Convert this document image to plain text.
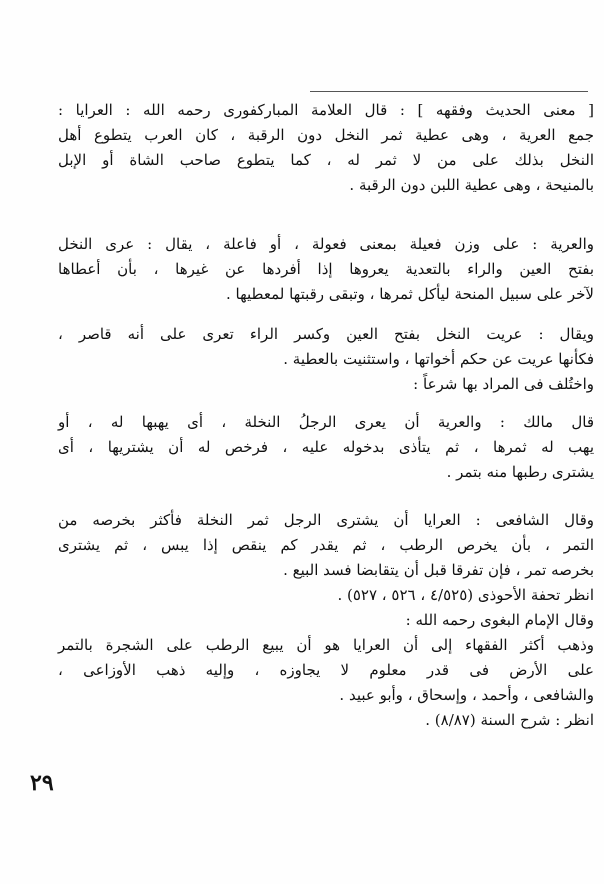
[ معنى الحديث وفقهه ] : قال العلامة المباركفورى رحمه الله : العرايا :
جمع العرية ، وهى عطية ثمر النخل دون الرقبة ، كان العرب يتطوع أهل
النخل بذلك على من لا ثمر له ، كما يتطوع صاحب الشاة أو الإبل
بالمنيحة ، وهى عطية اللبن دون الرقبة .
والعرية : على وزن فعيلة بمعنى فعولة ، أو فاعلة ، يقال : عرى النخل
بفتح العين والراء بالتعدية يعروها إذا أفردها عن غيرها ، بأن أعطاها
لآخر على سبيل المنحة ليأكل ثمرها ، وتبقى رقبتها لمعطيها .
ويقال : عريت النخل بفتح العين وكسر الراء تعرى على أنه قاصر ،
فكأنها عريت عن حكم أخواتها ، واستثنيت بالعطية .
واختُلف فى المراد بها شرعاً :
قال مالك : والعرية أن يعرى الرجلُ النخلة ، أى يهبها له ، أو
يهب له ثمرها ، ثم يتأذى بدخوله عليه ، فرخص له أن يشتريها ، أى
يشترى رطبها منه بتمر .
وقال الشافعى : العرايا أن يشترى الرجل ثمر النخلة فأكثر بخرصه من
التمر ، بأن يخرص الرطب ، ثم يقدر كم ينقص إذا يبس ، ثم يشترى
بخرصه تمر ، فإن تفرقا قبل أن يتقابضا فسد البيع .
انظر تحفة الأحوذى (٤/٥٢٥ ، ٥٢٦ ، ٥٢٧) .
وقال الإمام البغوى رحمه الله :
وذهب أكثر الفقهاء إلى أن العرايا هو أن يبيع الرطب على الشجرة بالتمر
على الأرض فى قدر معلوم لا يجاوزه ، وإليه ذهب الأوزاعى ،
والشافعى ، وأحمد ، وإسحاق ، وأبو عبيد .
انظر : شرح السنة (٨/٨٧) .
٢٩
